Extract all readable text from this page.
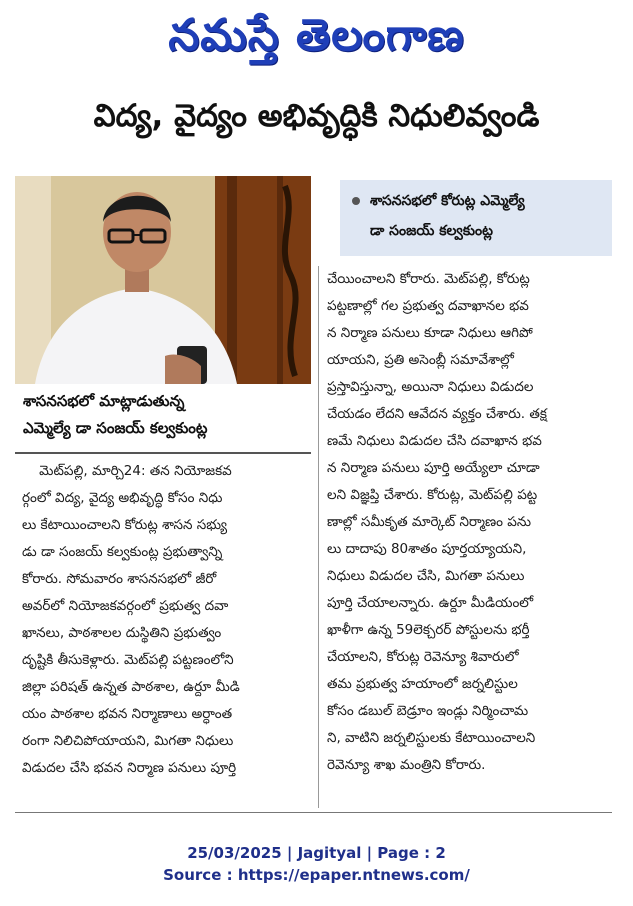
నమస్తే తెలంగాణ
విద్య, వైద్యం అభివృద్ధికి నిధులివ్వండి
శాసనసభలో మాట్లాడుతున్న
ఎమ్మెల్యే డా సంజయ్ కల్వకుంట్ల
శాసనసభలో కోరుట్ల ఎమ్మెల్యే
డా సంజయ్ కల్వకుంట్ల
మెట్‌పల్లి, మార్చి24: తన నియోజకవ
ర్గంలో విద్య, వైద్య అభివృద్ధి కోసం నిధు
లు కేటాయించాలని కోరుట్ల శాసన సభ్యు
డు డా సంజయ్ కల్వకుంట్ల ప్రభుత్వాన్ని
కోరారు. సోమవారం శాసనసభలో జీరో
అవర్‌లో నియోజకవర్గంలో ప్రభుత్వ దవా
ఖానలు, పాఠశాలల దుస్థితిని ప్రభుత్వం
దృష్టికి తీసుకెళ్లారు. మెట్‌పల్లి పట్టణంలోని
జిల్లా పరిషత్ ఉన్నత పాఠశాల, ఉర్దూ మీడి
యం పాఠశాల భవన నిర్మాణాలు అర్ధాంత
రంగా నిలిచిపోయాయని, మిగతా నిధులు
విడుదల చేసి భవన నిర్మాణ పనులు పూర్తి
చేయించాలని కోరారు. మెట్‌పల్లి, కోరుట్ల
పట్టణాల్లో గల ప్రభుత్వ దవాఖానల భవ
న నిర్మాణ పనులు కూడా నిధులు ఆగిపో
యాయని, ప్రతి అసెంబ్లీ సమావేశాల్లో
ప్రస్తావిస్తున్నా, అయినా నిధులు విడుదల
చేయడం లేదని ఆవేదన వ్యక్తం చేశారు. తక్ష
ణమే నిధులు విడుదల చేసి దవాఖాన భవ
న నిర్మాణ పనులు పూర్తి అయ్యేలా చూడా
లని విజ్ఞప్తి చేశారు. కోరుట్ల, మెట్‌పల్లి పట్ట
ణాల్లో సమీకృత మార్కెట్ నిర్మాణం పను
లు దాదాపు 80శాతం పూర్తయ్యాయని,
నిధులు విడుదల చేసి, మిగతా పనులు
పూర్తి చేయాలన్నారు. ఉర్దూ మీడియంలో
ఖాళీగా ఉన్న 59లెక్చరర్ పోస్టులను భర్తీ
చేయాలని, కోరుట్ల రెవెన్యూ శివారులో
తమ ప్రభుత్వ హయాంలో జర్నలిస్టుల
కోసం డబుల్ బెడ్రూం ఇండ్లు నిర్మించామ
ని, వాటిని జర్నలిస్టులకు కేటాయించాలని
రెవెన్యూ శాఖ మంత్రిని కోరారు.
25/03/2025 | Jagityal | Page : 2
Source : https://epaper.ntnews.com/
